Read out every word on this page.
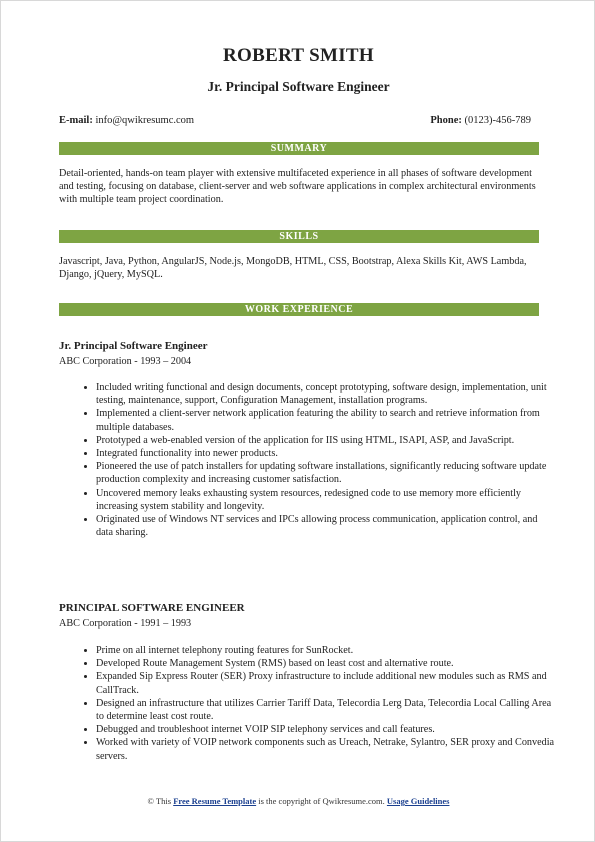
ROBERT SMITH
Jr. Principal Software Engineer
E-mail: info@qwikresumc.com	Phone: (0123)-456-789
SUMMARY
Detail-oriented, hands-on team player with extensive multifaceted experience in all phases of software development and testing, focusing on database, client-server and web software applications in complex architectural environments with multiple team project coordination.
SKILLS
Javascript, Java, Python, AngularJS, Node.js, MongoDB, HTML, CSS, Bootstrap, Alexa Skills Kit, AWS Lambda, Django, jQuery, MySQL.
WORK EXPERIENCE
Jr. Principal Software Engineer
ABC Corporation - 1993 – 2004
• Included writing functional and design documents, concept prototyping, software design, implementation, unit testing, maintenance, support, Configuration Management, installation programs.
• Implemented a client-server network application featuring the ability to search and retrieve information from multiple databases.
• Prototyped a web-enabled version of the application for IIS using HTML, ISAPI, ASP, and JavaScript.
• Integrated functionality into newer products.
• Pioneered the use of patch installers for updating software installations, significantly reducing software update production complexity and increasing customer satisfaction.
• Uncovered memory leaks exhausting system resources, redesigned code to use memory more efficiently increasing system stability and longevity.
• Originated use of Windows NT services and IPCs allowing process communication, application control, and data sharing.
PRINCIPAL SOFTWARE ENGINEER
ABC Corporation - 1991 – 1993
• Prime on all internet telephony routing features for SunRocket.
• Developed Route Management System (RMS) based on least cost and alternative route.
• Expanded Sip Express Router (SER) Proxy infrastructure to include additional new modules such as RMS and CallTrack.
• Designed an infrastructure that utilizes Carrier Tariff Data, Telecordia Lerg Data, Telecordia Local Calling Area to determine least cost route.
• Debugged and troubleshoot internet VOIP SIP telephony services and call features.
• Worked with variety of VOIP network components such as Ureach, Netrake, Sylantro, SER proxy and Convedia servers.
© This Free Resume Template is the copyright of Qwikresume.com. Usage Guidelines
